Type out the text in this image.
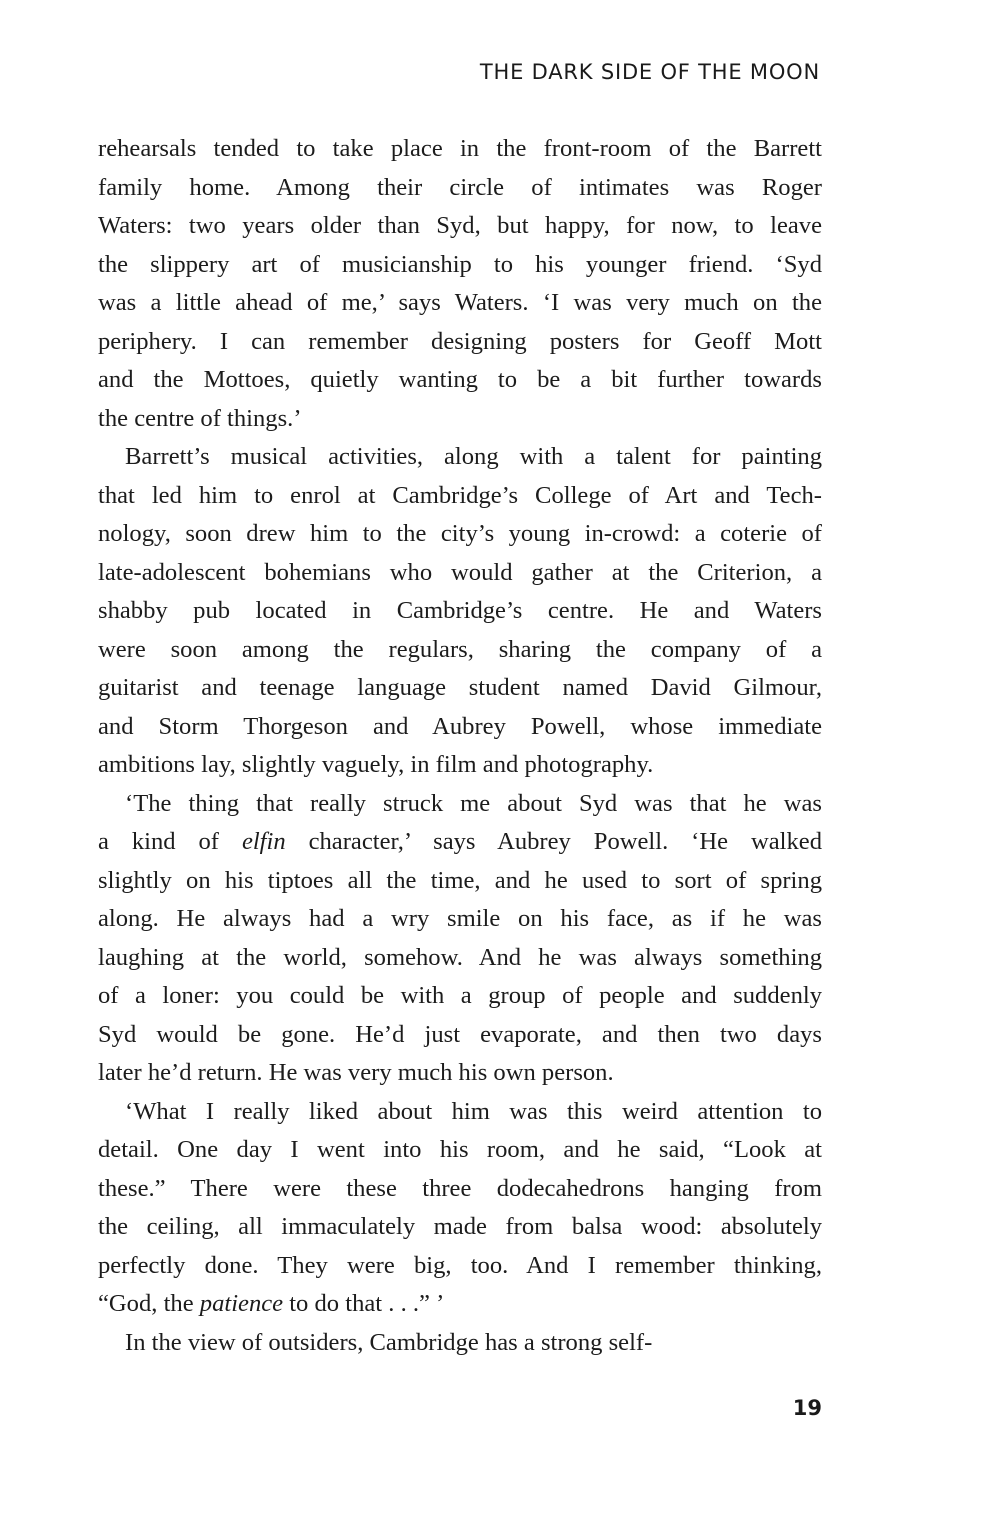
THE DARK SIDE OF THE MOON
rehearsals tended to take place in the front-room of the Barrett
family home. Among their circle of intimates was Roger
Waters: two years older than Syd, but happy, for now, to leave
the slippery art of musicianship to his younger friend. ‘Syd
was a little ahead of me,’ says Waters. ‘I was very much on the
periphery. I can remember designing posters for Geoff Mott
and the Mottoes, quietly wanting to be a bit further towards
the centre of things.’
Barrett’s musical activities, along with a talent for painting
that led him to enrol at Cambridge’s College of Art and Tech-
nology, soon drew him to the city’s young in-crowd: a coterie of
late-adolescent bohemians who would gather at the Criterion, a
shabby pub located in Cambridge’s centre. He and Waters
were soon among the regulars, sharing the company of a
guitarist and teenage language student named David Gilmour,
and Storm Thorgeson and Aubrey Powell, whose immediate
ambitions lay, slightly vaguely, in film and photography.
‘The thing that really struck me about Syd was that he was
a kind of elfin character,’ says Aubrey Powell. ‘He walked
slightly on his tiptoes all the time, and he used to sort of spring
along. He always had a wry smile on his face, as if he was
laughing at the world, somehow. And he was always something
of a loner: you could be with a group of people and suddenly
Syd would be gone. He’d just evaporate, and then two days
later he’d return. He was very much his own person.
‘What I really liked about him was this weird attention to
detail. One day I went into his room, and he said, “Look at
these.” There were these three dodecahedrons hanging from
the ceiling, all immaculately made from balsa wood: absolutely
perfectly done. They were big, too. And I remember thinking,
“God, the patience to do that . . .” ’
In the view of outsiders, Cambridge has a strong self-
19
